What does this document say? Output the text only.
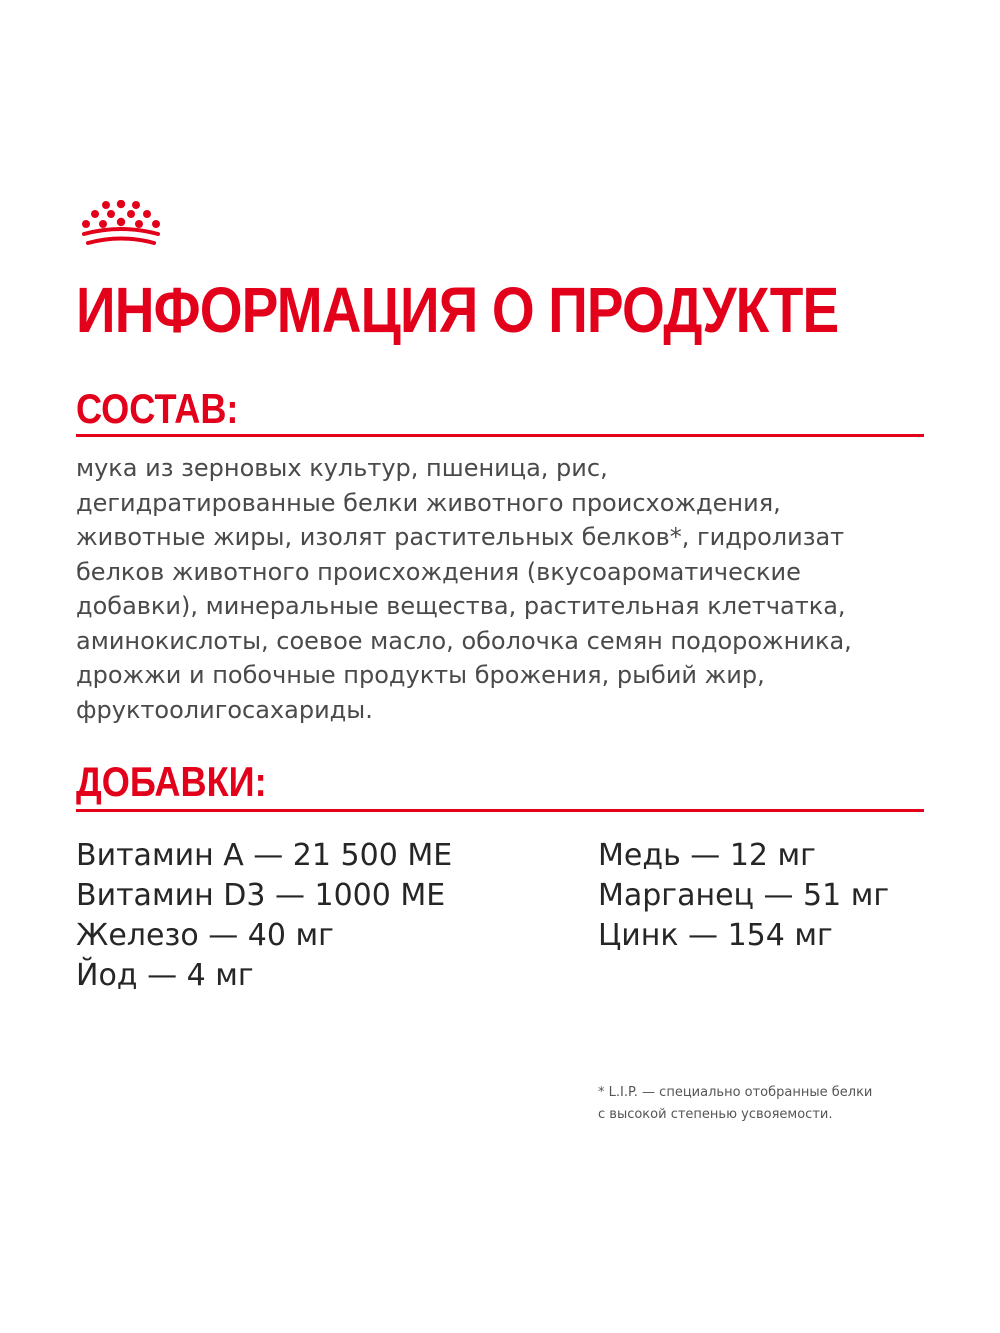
ИНФОРМАЦИЯ О ПРОДУКТЕ
СОСТАВ:

мука из зерновых культур, пшеница, рис,
дегидратированные белки животного происхождения,
животные жиры, изолят растительных белков*, гидролизат
белков животного происхождения (вкусоароматические
добавки), минеральные вещества, растительная клетчатка,
аминокислоты, соевое масло, оболочка семян подорожника,
дрожжи и побочные продукты брожения, рыбий жир,
фруктоолигосахариды.

ДОБАВКИ:
Витамин А — 21 500 МЕ
Витамин D3 — 1000 МЕ
Железо — 40 мг
Йод — 4 мг
Медь — 12 мг
Марганец — 51 мг
Цинк — 154 мг

* L.I.P. — специально отобранные белки
с высокой степенью усвояемости.
